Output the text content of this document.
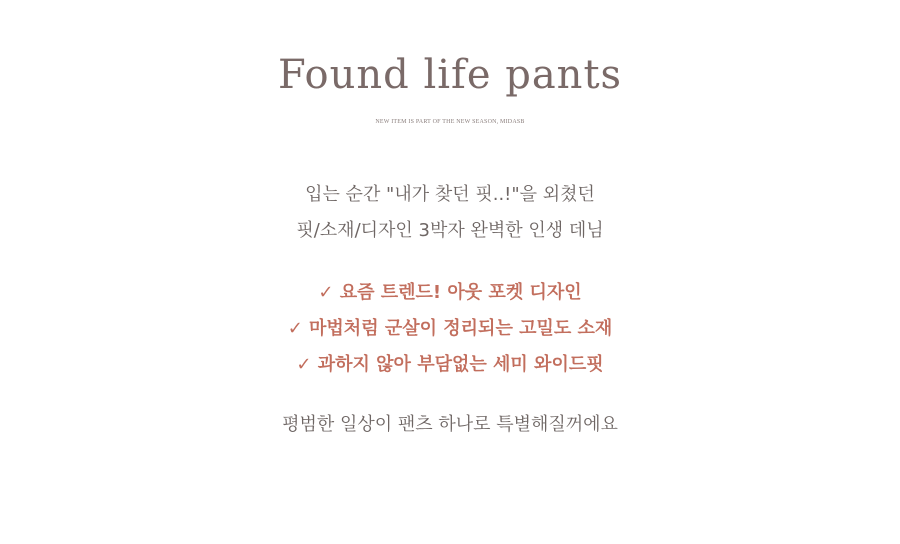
Found life pants
NEW ITEM IS PART OF THE NEW SEASON, MIDASB
입는 순간 "내가 찾던 핏..!"을 외쳤던
핏/소재/디자인 3박자 완벽한 인생 데님
✓ 요즘 트렌드! 아웃 포켓 디자인
✓ 마법처럼 군살이 정리되는 고밀도 소재
✓ 과하지 않아 부담없는 세미 와이드핏
평범한 일상이 팬츠 하나로 특별해질꺼에요
